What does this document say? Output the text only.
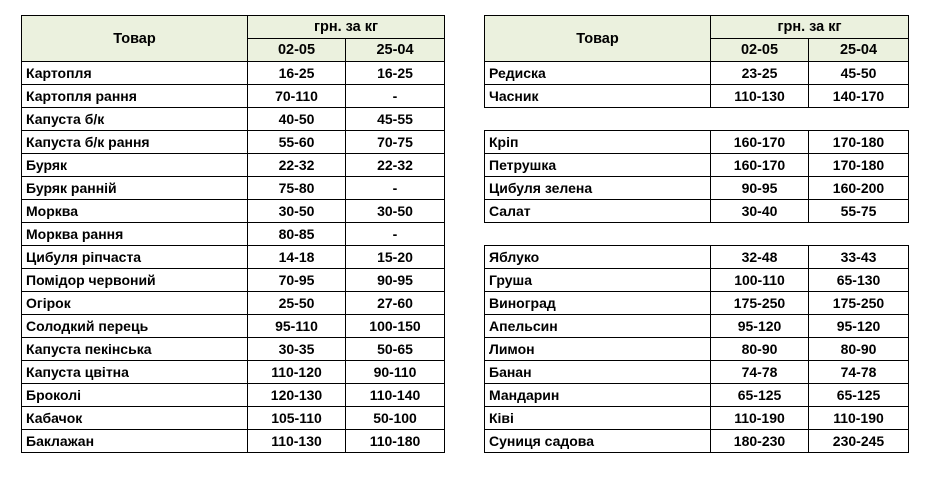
Товар	грн. за кг	
	02-05	25-04
Картопля	16-25	16-25
Картопля рання	70-110	-
Капуста б/к	40-50	45-55
Капуста б/к рання	55-60	70-75
Буряк	22-32	22-32
Буряк ранній	75-80	-
Морква	30-50	30-50
Морква рання	80-85	-
Цибуля ріпчаста	14-18	15-20
Помідор червоний	70-95	90-95
Огірок	25-50	27-60
Солодкий перець	95-110	100-150
Капуста пекінська	30-35	50-65
Капуста цвітна	110-120	90-110
Броколі	120-130	110-140
Кабачок	105-110	50-100
Баклажан	110-130	110-180
Товар	грн. за кг	
	02-05	25-04
Редиска	23-25	45-50
Часник	110-130	140-170

Кріп	160-170	170-180
Петрушка	160-170	170-180
Цибуля зелена	90-95	160-200
Салат	30-40	55-75

Яблуко	32-48	33-43
Груша	100-110	65-130
Виноград	175-250	175-250
Апельсин	95-120	95-120
Лимон	80-90	80-90
Банан	74-78	74-78
Мандарин	65-125	65-125
Ківі	110-190	110-190
Суниця садова	180-230	230-245
